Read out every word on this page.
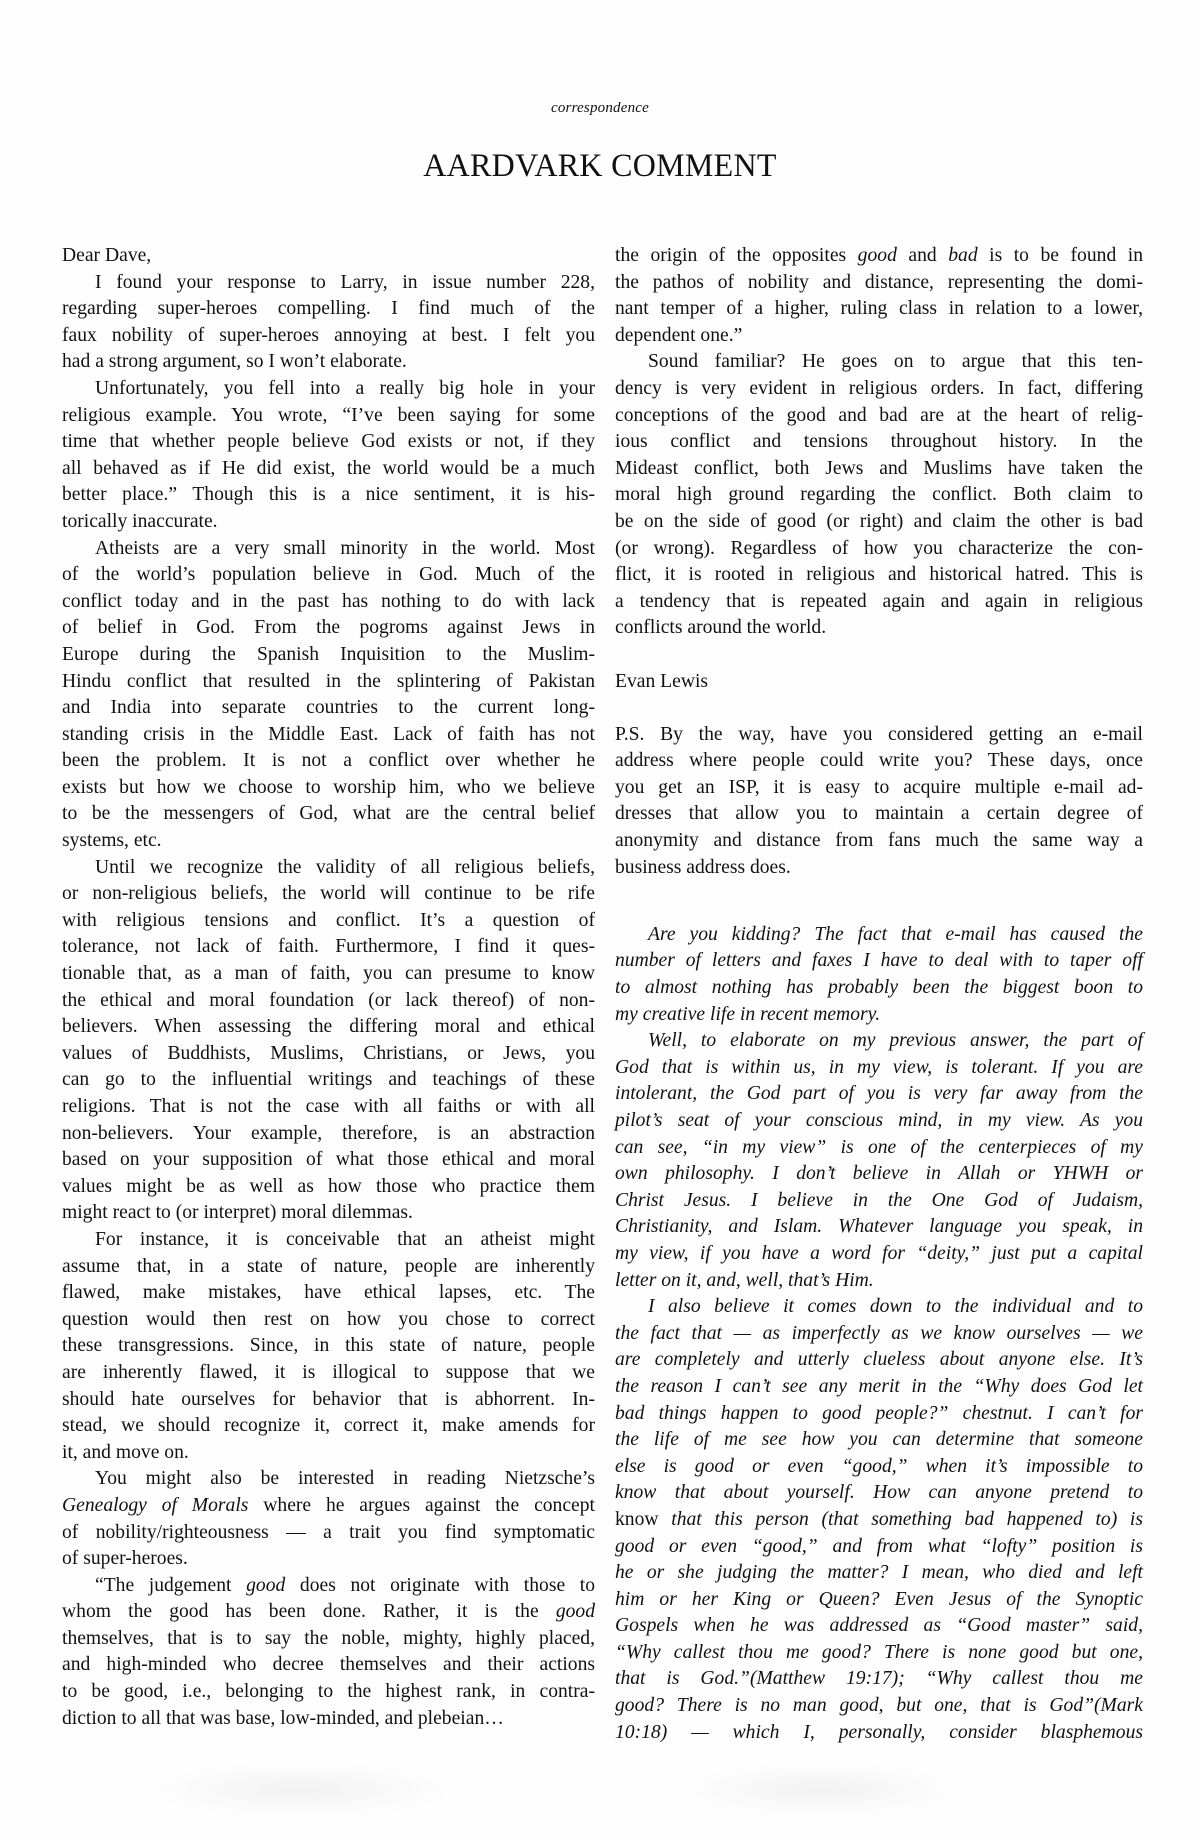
correspondence
AARDVARK COMMENT
Dear Dave,
I found your response to Larry, in issue number 228,
regarding super-heroes compelling. I find much of the
faux nobility of super-heroes annoying at best. I felt you
had a strong argument, so I won’t elaborate.
Unfortunately, you fell into a really big hole in your
religious example. You wrote, “I’ve been saying for some
time that whether people believe God exists or not, if they
all behaved as if He did exist, the world would be a much
better place.” Though this is a nice sentiment, it is his-
torically inaccurate.
Atheists are a very small minority in the world. Most
of the world’s population believe in God. Much of the
conflict today and in the past has nothing to do with lack
of belief in God. From the pogroms against Jews in
Europe during the Spanish Inquisition to the Muslim-
Hindu conflict that resulted in the splintering of Pakistan
and India into separate countries to the current long-
standing crisis in the Middle East. Lack of faith has not
been the problem. It is not a conflict over whether he
exists but how we choose to worship him, who we believe
to be the messengers of God, what are the central belief
systems, etc.
Until we recognize the validity of all religious beliefs,
or non-religious beliefs, the world will continue to be rife
with religious tensions and conflict. It’s a question of
tolerance, not lack of faith. Furthermore, I find it ques-
tionable that, as a man of faith, you can presume to know
the ethical and moral foundation (or lack thereof) of non-
believers. When assessing the differing moral and ethical
values of Buddhists, Muslims, Christians, or Jews, you
can go to the influential writings and teachings of these
religions. That is not the case with all faiths or with all
non-believers. Your example, therefore, is an abstraction
based on your supposition of what those ethical and moral
values might be as well as how those who practice them
might react to (or interpret) moral dilemmas.
For instance, it is conceivable that an atheist might
assume that, in a state of nature, people are inherently
flawed, make mistakes, have ethical lapses, etc. The
question would then rest on how you chose to correct
these transgressions. Since, in this state of nature, people
are inherently flawed, it is illogical to suppose that we
should hate ourselves for behavior that is abhorrent. In-
stead, we should recognize it, correct it, make amends for
it, and move on.
You might also be interested in reading Nietzsche’s
Genealogy of Morals where he argues against the concept
of nobility/righteousness — a trait you find symptomatic
of super-heroes.
“The judgement good does not originate with those to
whom the good has been done. Rather, it is the good
themselves, that is to say the noble, mighty, highly placed,
and high-minded who decree themselves and their actions
to be good, i.e., belonging to the highest rank, in contra-
diction to all that was base, low-minded, and plebeian…
the origin of the opposites good and bad is to be found in
the pathos of nobility and distance, representing the domi-
nant temper of a higher, ruling class in relation to a lower,
dependent one.”
Sound familiar? He goes on to argue that this ten-
dency is very evident in religious orders. In fact, differing
conceptions of the good and bad are at the heart of relig-
ious conflict and tensions throughout history. In the
Mideast conflict, both Jews and Muslims have taken the
moral high ground regarding the conflict. Both claim to
be on the side of good (or right) and claim the other is bad
(or wrong). Regardless of how you characterize the con-
flict, it is rooted in religious and historical hatred. This is
a tendency that is repeated again and again in religious
conflicts around the world.
Evan Lewis
P.S. By the way, have you considered getting an e-mail
address where people could write you? These days, once
you get an ISP, it is easy to acquire multiple e-mail ad-
dresses that allow you to maintain a certain degree of
anonymity and distance from fans much the same way a
business address does.
Are you kidding? The fact that e-mail has caused the
number of letters and faxes I have to deal with to taper off
to almost nothing has probably been the biggest boon to
my creative life in recent memory.
Well, to elaborate on my previous answer, the part of
God that is within us, in my view, is tolerant. If you are
intolerant, the God part of you is very far away from the
pilot’s seat of your conscious mind, in my view. As you
can see, “in my view” is one of the centerpieces of my
own philosophy. I don’t believe in Allah or YHWH or
Christ Jesus. I believe in the One God of Judaism,
Christianity, and Islam. Whatever language you speak, in
my view, if you have a word for “deity,” just put a capital
letter on it, and, well, that’s Him.
I also believe it comes down to the individual and to
the fact that — as imperfectly as we know ourselves — we
are completely and utterly clueless about anyone else. It’s
the reason I can’t see any merit in the “Why does God let
bad things happen to good people?” chestnut. I can’t for
the life of me see how you can determine that someone
else is good or even “good,” when it’s impossible to
know that about yourself. How can anyone pretend to
know that this person (that something bad happened to) is
good or even “good,” and from what “lofty” position is
he or she judging the matter? I mean, who died and left
him or her King or Queen? Even Jesus of the Synoptic
Gospels when he was addressed as “Good master” said,
“Why callest thou me good? There is none good but one,
that is God.”(Matthew 19:17); “Why callest thou me
good? There is no man good, but one, that is God”(Mark
10:18) — which I, personally, consider blasphemous
